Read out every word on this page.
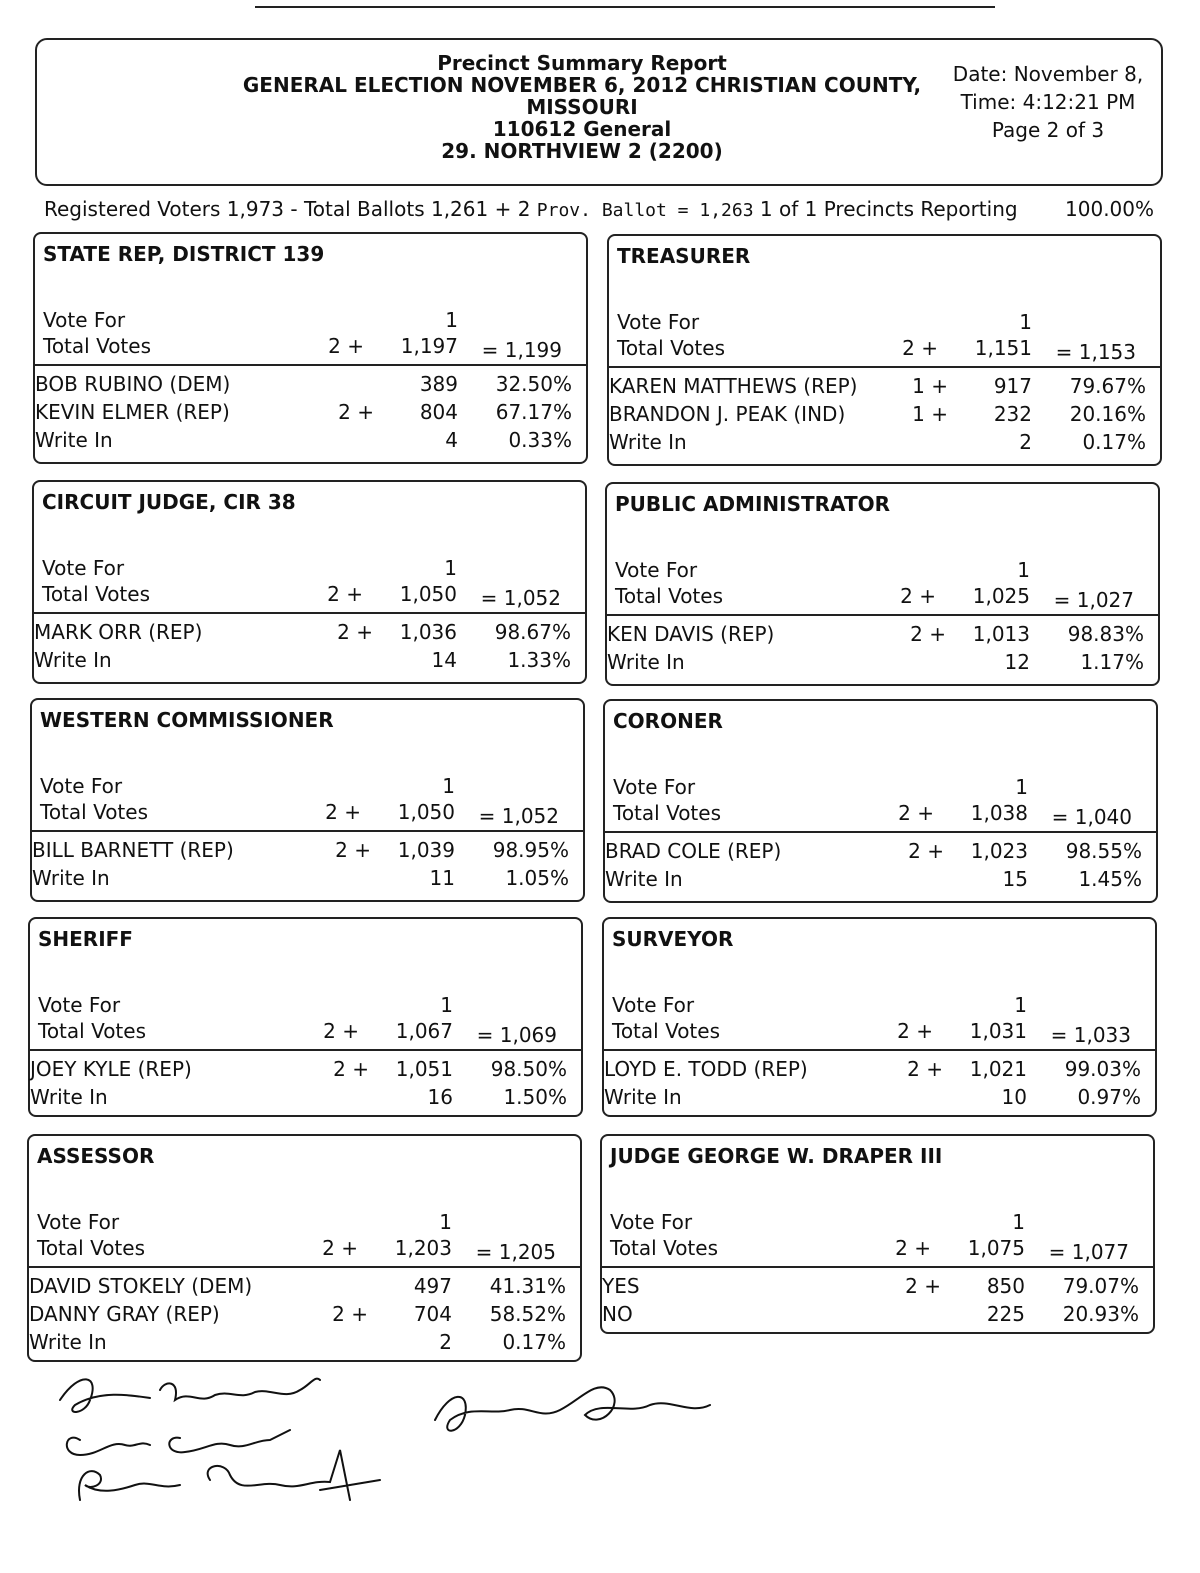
Precinct Summary Report
GENERAL ELECTION NOVEMBER 6, 2012 CHRISTIAN COUNTY,
MISSOURI
110612 General
29. NORTHVIEW 2 (2200)
Date: November 8,
Time: 4:12:21 PM
Page 2 of 3
Registered Voters 1,973 - Total Ballots 1,261 + 2 Prov. Ballot = 1,263 1 of 1 Precincts Reporting 100.00%
STATE REP, DISTRICT 139
Vote For	1
Total Votes	2 + 1,197 = 1,199
BOB RUBINO (DEM)	389 32.50%
KEVIN ELMER (REP)	2 + 804 67.17%
Write In	4	0.33%
TREASURER
Vote For	1
Total Votes	2 + 1,151 = 1,153
KAREN MATTHEWS (REP)	1 + 917 79.67%
BRANDON J. PEAK (IND)	1 + 232 20.16%
Write In	2	0.17%
CIRCUIT JUDGE, CIR 38
Vote For	1
Total Votes	2 + 1,050 = 1,052
MARK ORR (REP)	2 + 1,036 98.67%
Write In	14	1.33%
PUBLIC ADMINISTRATOR
Vote For	1
Total Votes	2 + 1,025 = 1,027
KEN DAVIS (REP)	2 + 1,013 98.83%
Write In	12	1.17%
WESTERN COMMISSIONER
Vote For	1
Total Votes	2 + 1,050 = 1,052
BILL BARNETT (REP)	2 + 1,039 98.95%
Write In	11	1.05%
CORONER
Vote For	1
Total Votes	2 + 1,038 = 1,040
BRAD COLE (REP)	2 + 1,023 98.55%
Write In	15	1.45%
SHERIFF
Vote For	1
Total Votes	2 + 1,067 = 1,069
JOEY KYLE (REP)	2 + 1,051 98.50%
Write In	16	1.50%
SURVEYOR
Vote For	1
Total Votes	2 + 1,031 = 1,033
LOYD E. TODD (REP)	2 + 1,021 99.03%
Write In	10	0.97%
ASSESSOR
Vote For	1
Total Votes	2 + 1,203 = 1,205
DAVID STOKELY (DEM)	497 41.31%
DANNY GRAY (REP)	2 + 704 58.52%
Write In	2	0.17%
JUDGE GEORGE W. DRAPER III
Vote For	1
Total Votes	2 + 1,075 = 1,077
YES	2 + 850 79.07%
NO	225 20.93%
